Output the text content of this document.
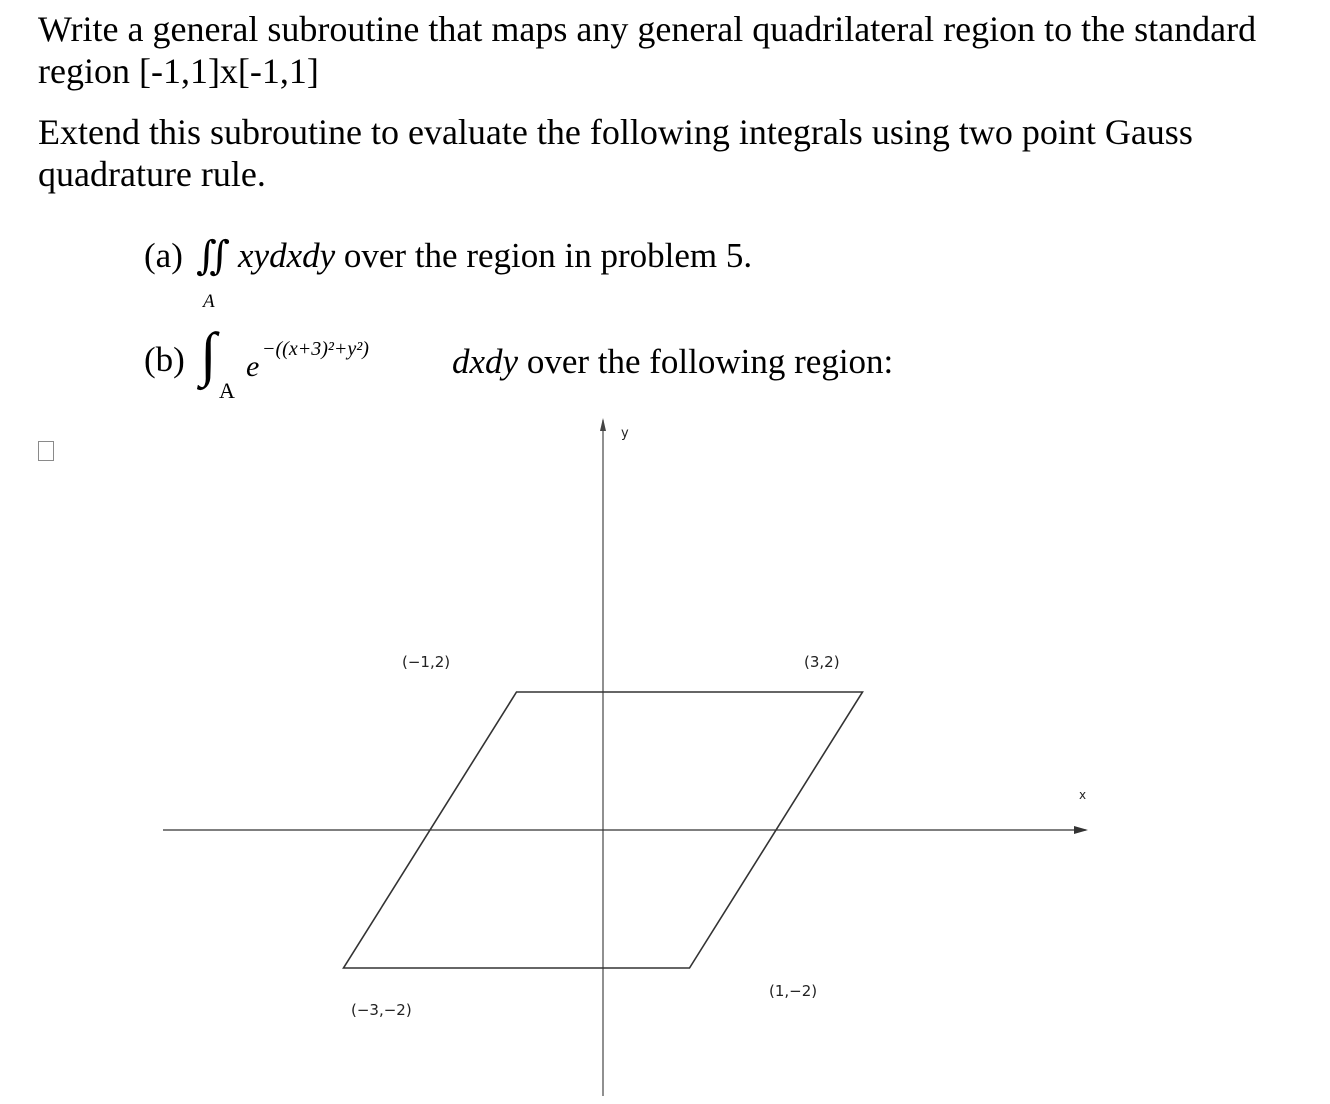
Write a general subroutine that maps any general quadrilateral region to the standard region [-1,1]x[-1,1]

Extend this subroutine to evaluate the following integrals using two point Gauss quadrature rule.

(a) ∬
A
xydxdy over the region in problem 5.
(b) ∫
A
e
−((x+3)²+y²) dxdy over the following region:
y
x
(−1,2)	(3,2)
(1,−2)
(−3,−2)
